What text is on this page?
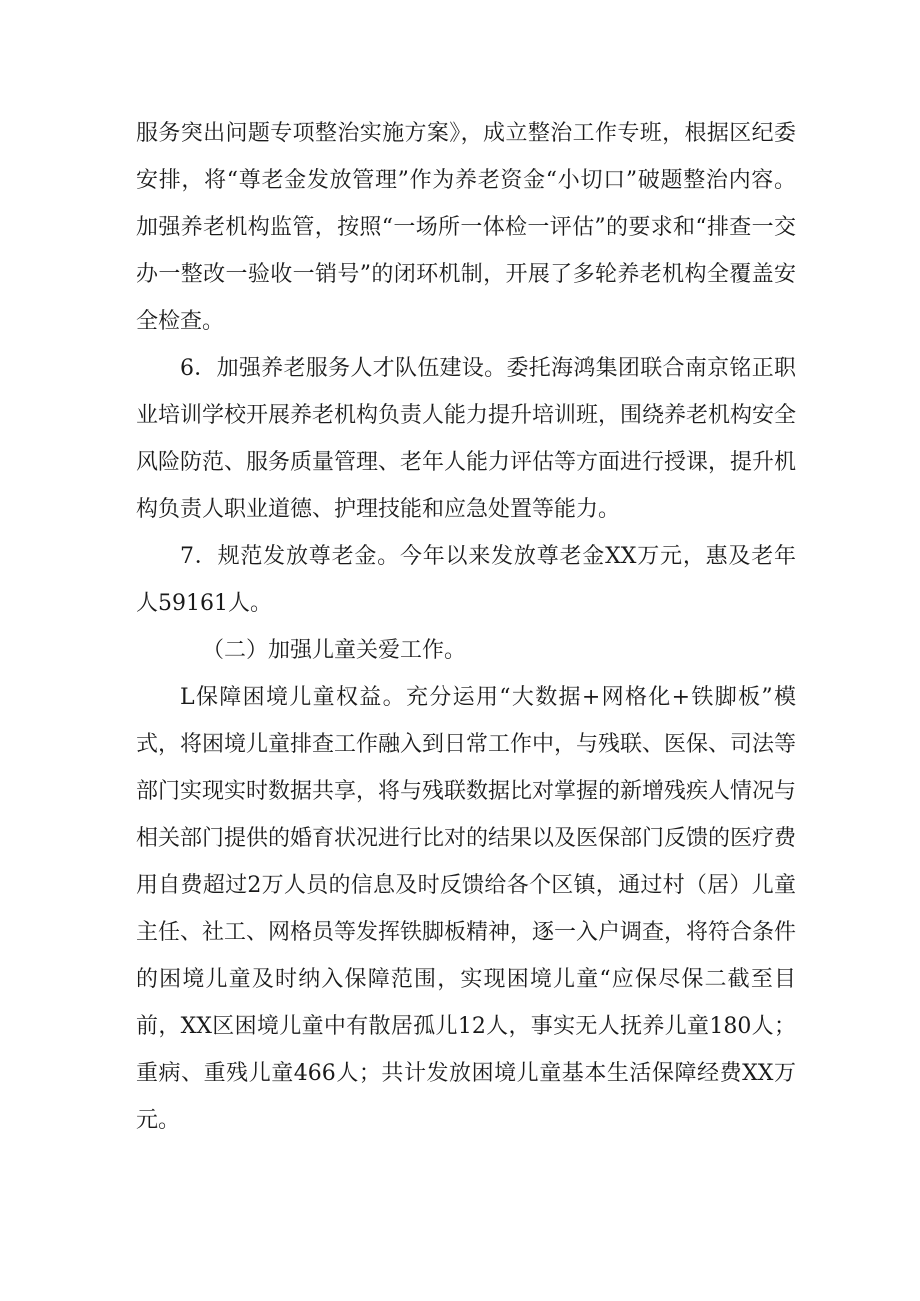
服务突出问题专项整治实施方案》，成立整治工作专班，根据区纪委安排，将“尊老金发放管理”作为养老资金“小切口”破题整治内容。加强养老机构监管，按照“一场所一体检一评估”的要求和“排查一交办一整改一验收一销号”的闭环机制，开展了多轮养老机构全覆盖安全检查。

6．加强养老服务人才队伍建设。委托海鸿集团联合南京铭正职业培训学校开展养老机构负责人能力提升培训班，围绕养老机构安全风险防范、服务质量管理、老年人能力评估等方面进行授课，提升机构负责人职业道德、护理技能和应急处置等能力。

7．规范发放尊老金。今年以来发放尊老金XX万元，惠及老年人59161人。

（二）加强儿童关爱工作。

L保障困境儿童权益。充分运用“大数据+网格化+铁脚板”模式，将困境儿童排查工作融入到日常工作中，与残联、医保、司法等部门实现实时数据共享，将与残联数据比对掌握的新增残疾人情况与相关部门提供的婚育状况进行比对的结果以及医保部门反馈的医疗费用自费超过2万人员的信息及时反馈给各个区镇，通过村（居）儿童主任、社工、网格员等发挥铁脚板精神，逐一入户调查，将符合条件的困境儿童及时纳入保障范围，实现困境儿童“应保尽保二截至目前，XX区困境儿童中有散居孤儿12人，事实无人抚养儿童180人；重病、重残儿童466人；共计发放困境儿童基本生活保障经费XX万元。
